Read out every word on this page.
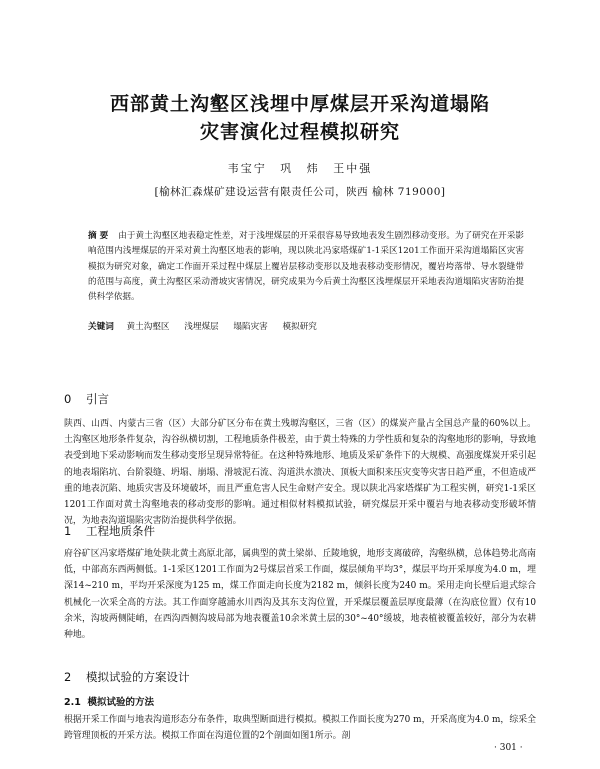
西部黄土沟壑区浅埋中厚煤层开采沟道塌陷
灾害演化过程模拟研究
韦宝宁 巩 炜 王中强
[榆林汇森煤矿建设运营有限责任公司，陕西 榆林 719000]
摘 要 由于黄土沟壑区地表稳定性差，对于浅埋煤层的开采很容易导致地表发生剧烈移动变形。为了研究在开采影响范围内浅埋煤层的开采对黄土沟壑区地表的影响，现以陕北冯家塔煤矿1-1采区1201工作面开采沟道塌陷区灾害模拟为研究对象，确定工作面开采过程中煤层上覆岩层移动变形以及地表移动变形情况，覆岩垮落带、导水裂缝带的范围与高度，黄土沟壑区采动滑坡灾害情况，研究成果为今后黄土沟壑区浅埋煤层开采地表沟道塌陷灾害防治提供科学依据。
关键词 黄土沟壑区 浅埋煤层 塌陷灾害 模拟研究
0 引言
陕西、山西、内蒙古三省（区）大部分矿区分布在黄土残塬沟壑区，三省（区）的煤炭产量占全国总产量的60%以上。土沟壑区地形条件复杂，沟谷纵横切割，工程地质条件极差，由于黄土特殊的力学性质和复杂的沟壑地形的影响，导致地表受到地下采动影响而发生移动变形呈现异常特征。在这种特殊地形、地质及采矿条件下的大规模、高强度煤炭开采引起的地表塌陷坑、台阶裂缝、坍塌、崩塌、滑坡泥石流、沟道洪水溃决、顶板大面积来压灾变等灾害日趋严重，不但造成严重的地表沉陷、地质灾害及环境破坏，而且严重危害人民生命财产安全。现以陕北冯家塔煤矿为工程实例，研究1-1采区1201工作面对黄土沟壑地表的移动变形的影响。通过相似材料模拟试验，研究煤层开采中覆岩与地表移动变形破坏情况，为地表沟道塌陷灾害防治提供科学依据。
1 工程地质条件
府谷矿区冯家塔煤矿地处陕北黄土高原北部，属典型的黄土梁峁、丘陵地貌，地形支离破碎，沟壑纵横，总体趋势北高南低，中部高东西两侧低。1-1采区1201工作面为2号煤层首采工作面，煤层倾角平均3°，煤层平均开采厚度为4.0 m，埋深14~210 m，平均开采深度为125 m，煤工作面走向长度为2182 m，倾斜长度为240 m。采用走向长壁后退式综合机械化一次采全高的方法。其工作面穿越浦水川西沟及其东支沟位置，开采煤层覆盖层厚度最薄（在沟底位置）仅有10余米，沟坡两侧陡峭，在西沟西侧沟坡局部为地表覆盖10余米黄土层的30°~40°缓坡，地表植被覆盖较好，部分为农耕种地。
2 模拟试验的方案设计
2.1 模拟试验的方法
根据开采工作面与地表沟道形态分布条件，取典型断面进行模拟。模拟工作面长度为270 m，开采高度为4.0 m，综采全跨管理顶板的开采方法。模拟工作面在沟道位置的2个剖面如图1所示。剖
· 301 ·
